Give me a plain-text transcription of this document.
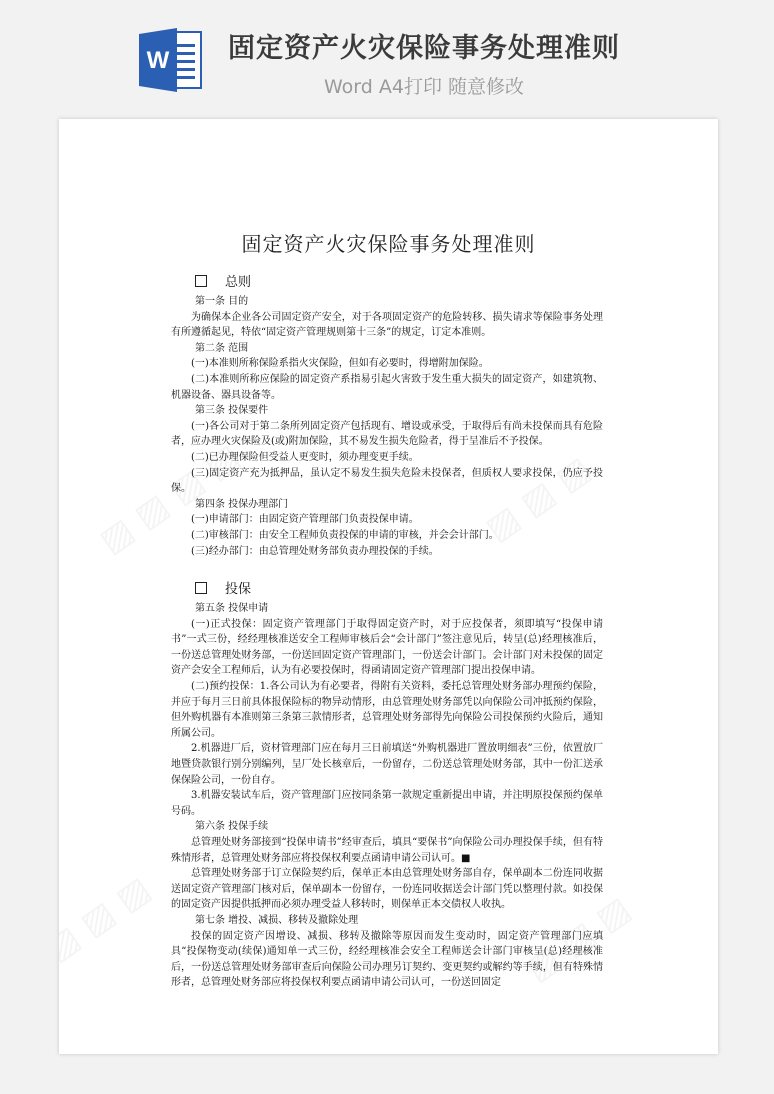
W 固定资产火灾保险事务处理准则
Word A4打印 随意修改
固定资产火灾保险事务处理准则
总则
第一条 目的
为确保本企业各公司固定资产安全，对于各项固定资产的危险转移、损失请求等保险事务处理有所遵循起见，特依“固定资产管理规则第十三条”的规定，订定本准则。
第二条 范围
(一)本准则所称保险系指火灾保险，但如有必要时，得增附加保险。
(二)本准则所称应保险的固定资产系指易引起火害致于发生重大损失的固定资产，如建筑物、机器设备、器具设备等。
第三条 投保要件
(一)各公司对于第二条所列固定资产包括现有、增设或承受，于取得后有尚未投保而具有危险者，应办理火灾保险及(或)附加保险，其不易发生损失危险者，得于呈准后不予投保。
(二)已办理保险但受益人更变时，须办理变更手续。
(三)固定资产充为抵押品，虽认定不易发生损失危险未投保者，但质权人要求投保，仍应予投保。
第四条 投保办理部门
(一)申请部门：由固定资产管理部门负责投保申请。
(二)审核部门：由安全工程师负责投保的申请的审核，并会会计部门。
(三)经办部门：由总管理处财务部负责办理投保的手续。
投保
第五条 投保申请
(一)正式投保：固定资产管理部门于取得固定资产时，对于应投保者，须即填写“投保申请书”一式三份，经经理核准送安全工程师审核后会“会计部门”签注意见后，转呈(总)经理核准后，一份送总管理处财务部，一份送回固定资产管理部门，一份送会计部门。会计部门对未投保的固定资产会安全工程师后，认为有必要投保时，得函请固定资产管理部门提出投保申请。
(二)预约投保：1.各公司认为有必要者，得附有关资料，委托总管理处财务部办理预约保险，并应于每月三日前具体报保险标的物异动情形，由总管理处财务部凭以向保险公司冲抵预约保险，但外购机器有本准则第三条第三款情形者，总管理处财务部得先向保险公司投保预约火险后，通知所属公司。
2.机器进厂后，资材管理部门应在每月三日前填送“外购机器进厂置放明细表”三份，依置放厂地暨贷款银行别分别编列，呈厂处长核章后，一份留存，二份送总管理处财务部，其中一份汇送承保保险公司，一份自存。
3.机器安装试车后，资产管理部门应按同条第一款规定重新提出申请，并注明原投保预约保单号码。
第六条 投保手续
总管理处财务部接到“投保申请书”经审查后，填具“要保书”向保险公司办理投保手续，但有特殊情形者，总管理处财务部应将投保权利要点函请申请公司认可。■
总管理处财务部于订立保险契约后，保单正本由总管理处财务部自存，保单副本二份连同收据送固定资产管理部门核对后，保单副本一份留存，一份连同收据送会计部门凭以整理付款。如投保的固定资产因提供抵押而必须办理受益人移转时，则保单正本交债权人收执。
第七条 增投、减损、移转及撤除处理
投保的固定资产因增设、减损、移转及撤除等原因而发生变动时，固定资产管理部门应填具“投保物变动(续保)通知单一式三份，经经理核准会安全工程师送会计部门审核呈(总)经理核准后，一份送总管理处财务部审查后向保险公司办理另订契约、变更契约或解约等手续，但有特殊情形者，总管理处财务部应将投保权利要点函请申请公司认可，一份送回固定
